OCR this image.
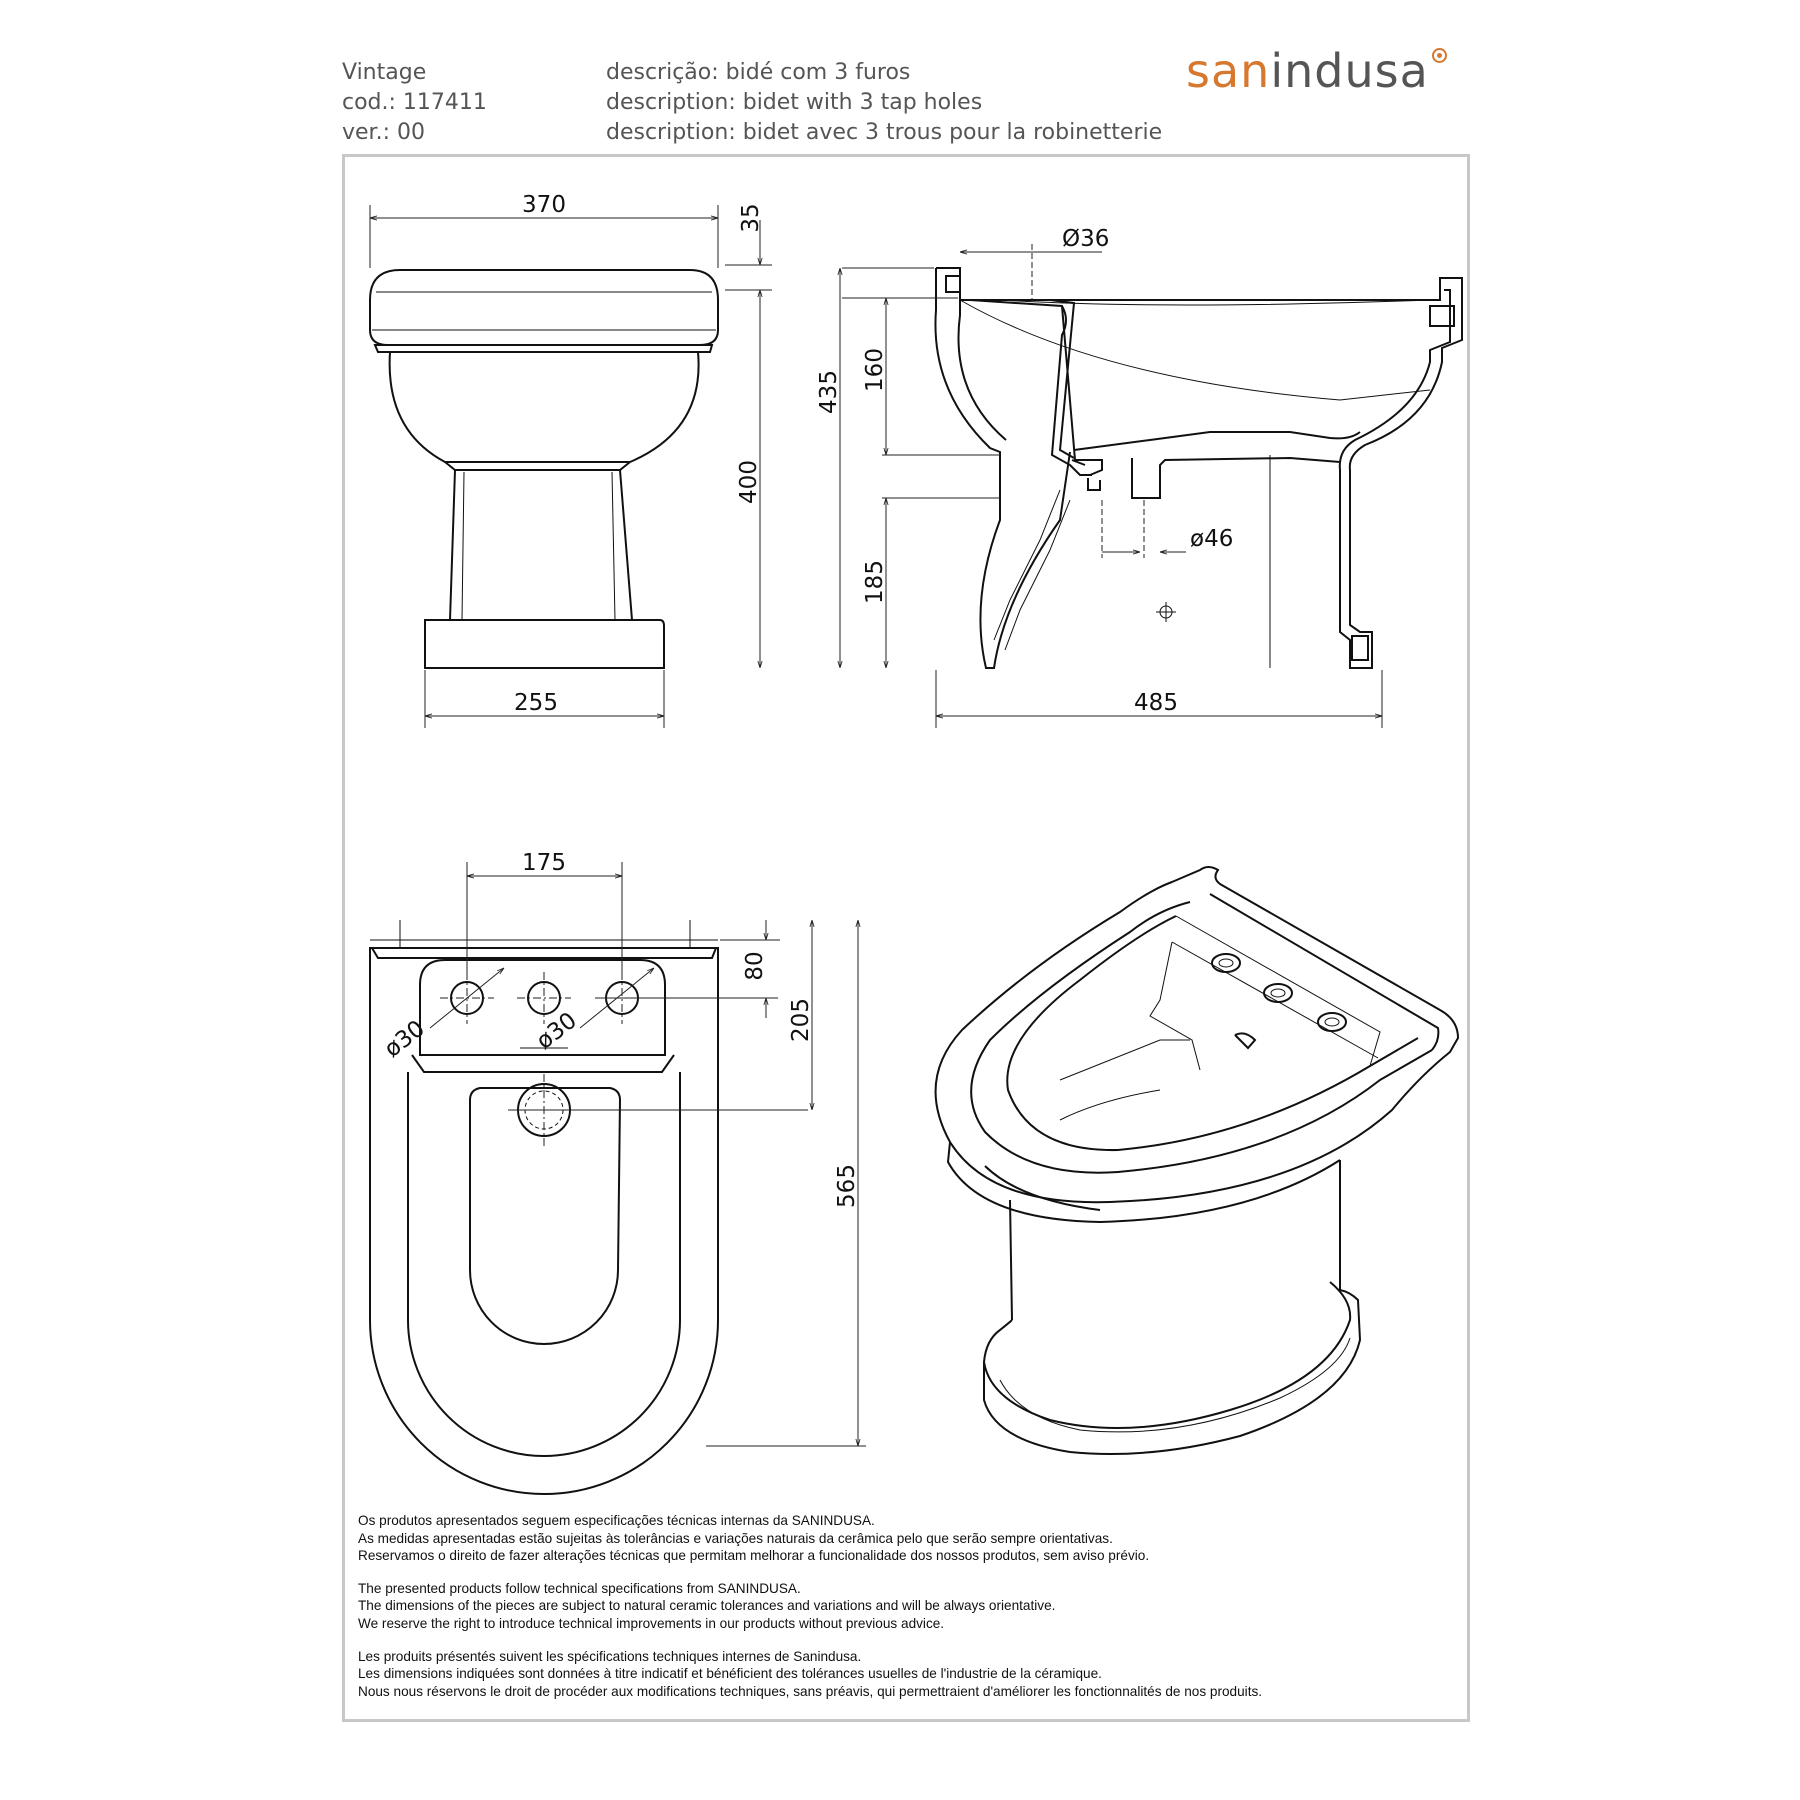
Vintage
cod.: 117411
ver.: 00
descrição: bidé com 3 furos
description: bidet with 3 tap holes
description: bidet avec 3 trous pour la robinetterie
sanindusa
370	35
400
255
Ø36
435
160
185
ø46
485
ø30	ø30
175
80
205
565

Os produtos apresentados seguem especificações técnicas internas da SANINDUSA.
As medidas apresentadas estão sujeitas às tolerâncias e variações naturais da cerâmica pelo que serão sempre orientativas.
Reservamos o direito de fazer alterações técnicas que permitam melhorar a funcionalidade dos nossos produtos, sem aviso prévio.

The presented products follow technical specifications from SANINDUSA.
The dimensions of the pieces are subject to natural ceramic tolerances and variations and will be always orientative.
We reserve the right to introduce technical improvements in our products without previous advice.

Les produits présentés suivent les spécifications techniques internes de Sanindusa.
Les dimensions indiquées sont données à titre indicatif et bénéficient des tolérances usuelles de l'industrie de la céramique.
Nous nous réservons le droit de procéder aux modifications techniques, sans préavis, qui permettraient d'améliorer les fonctionnalités de nos produits.
